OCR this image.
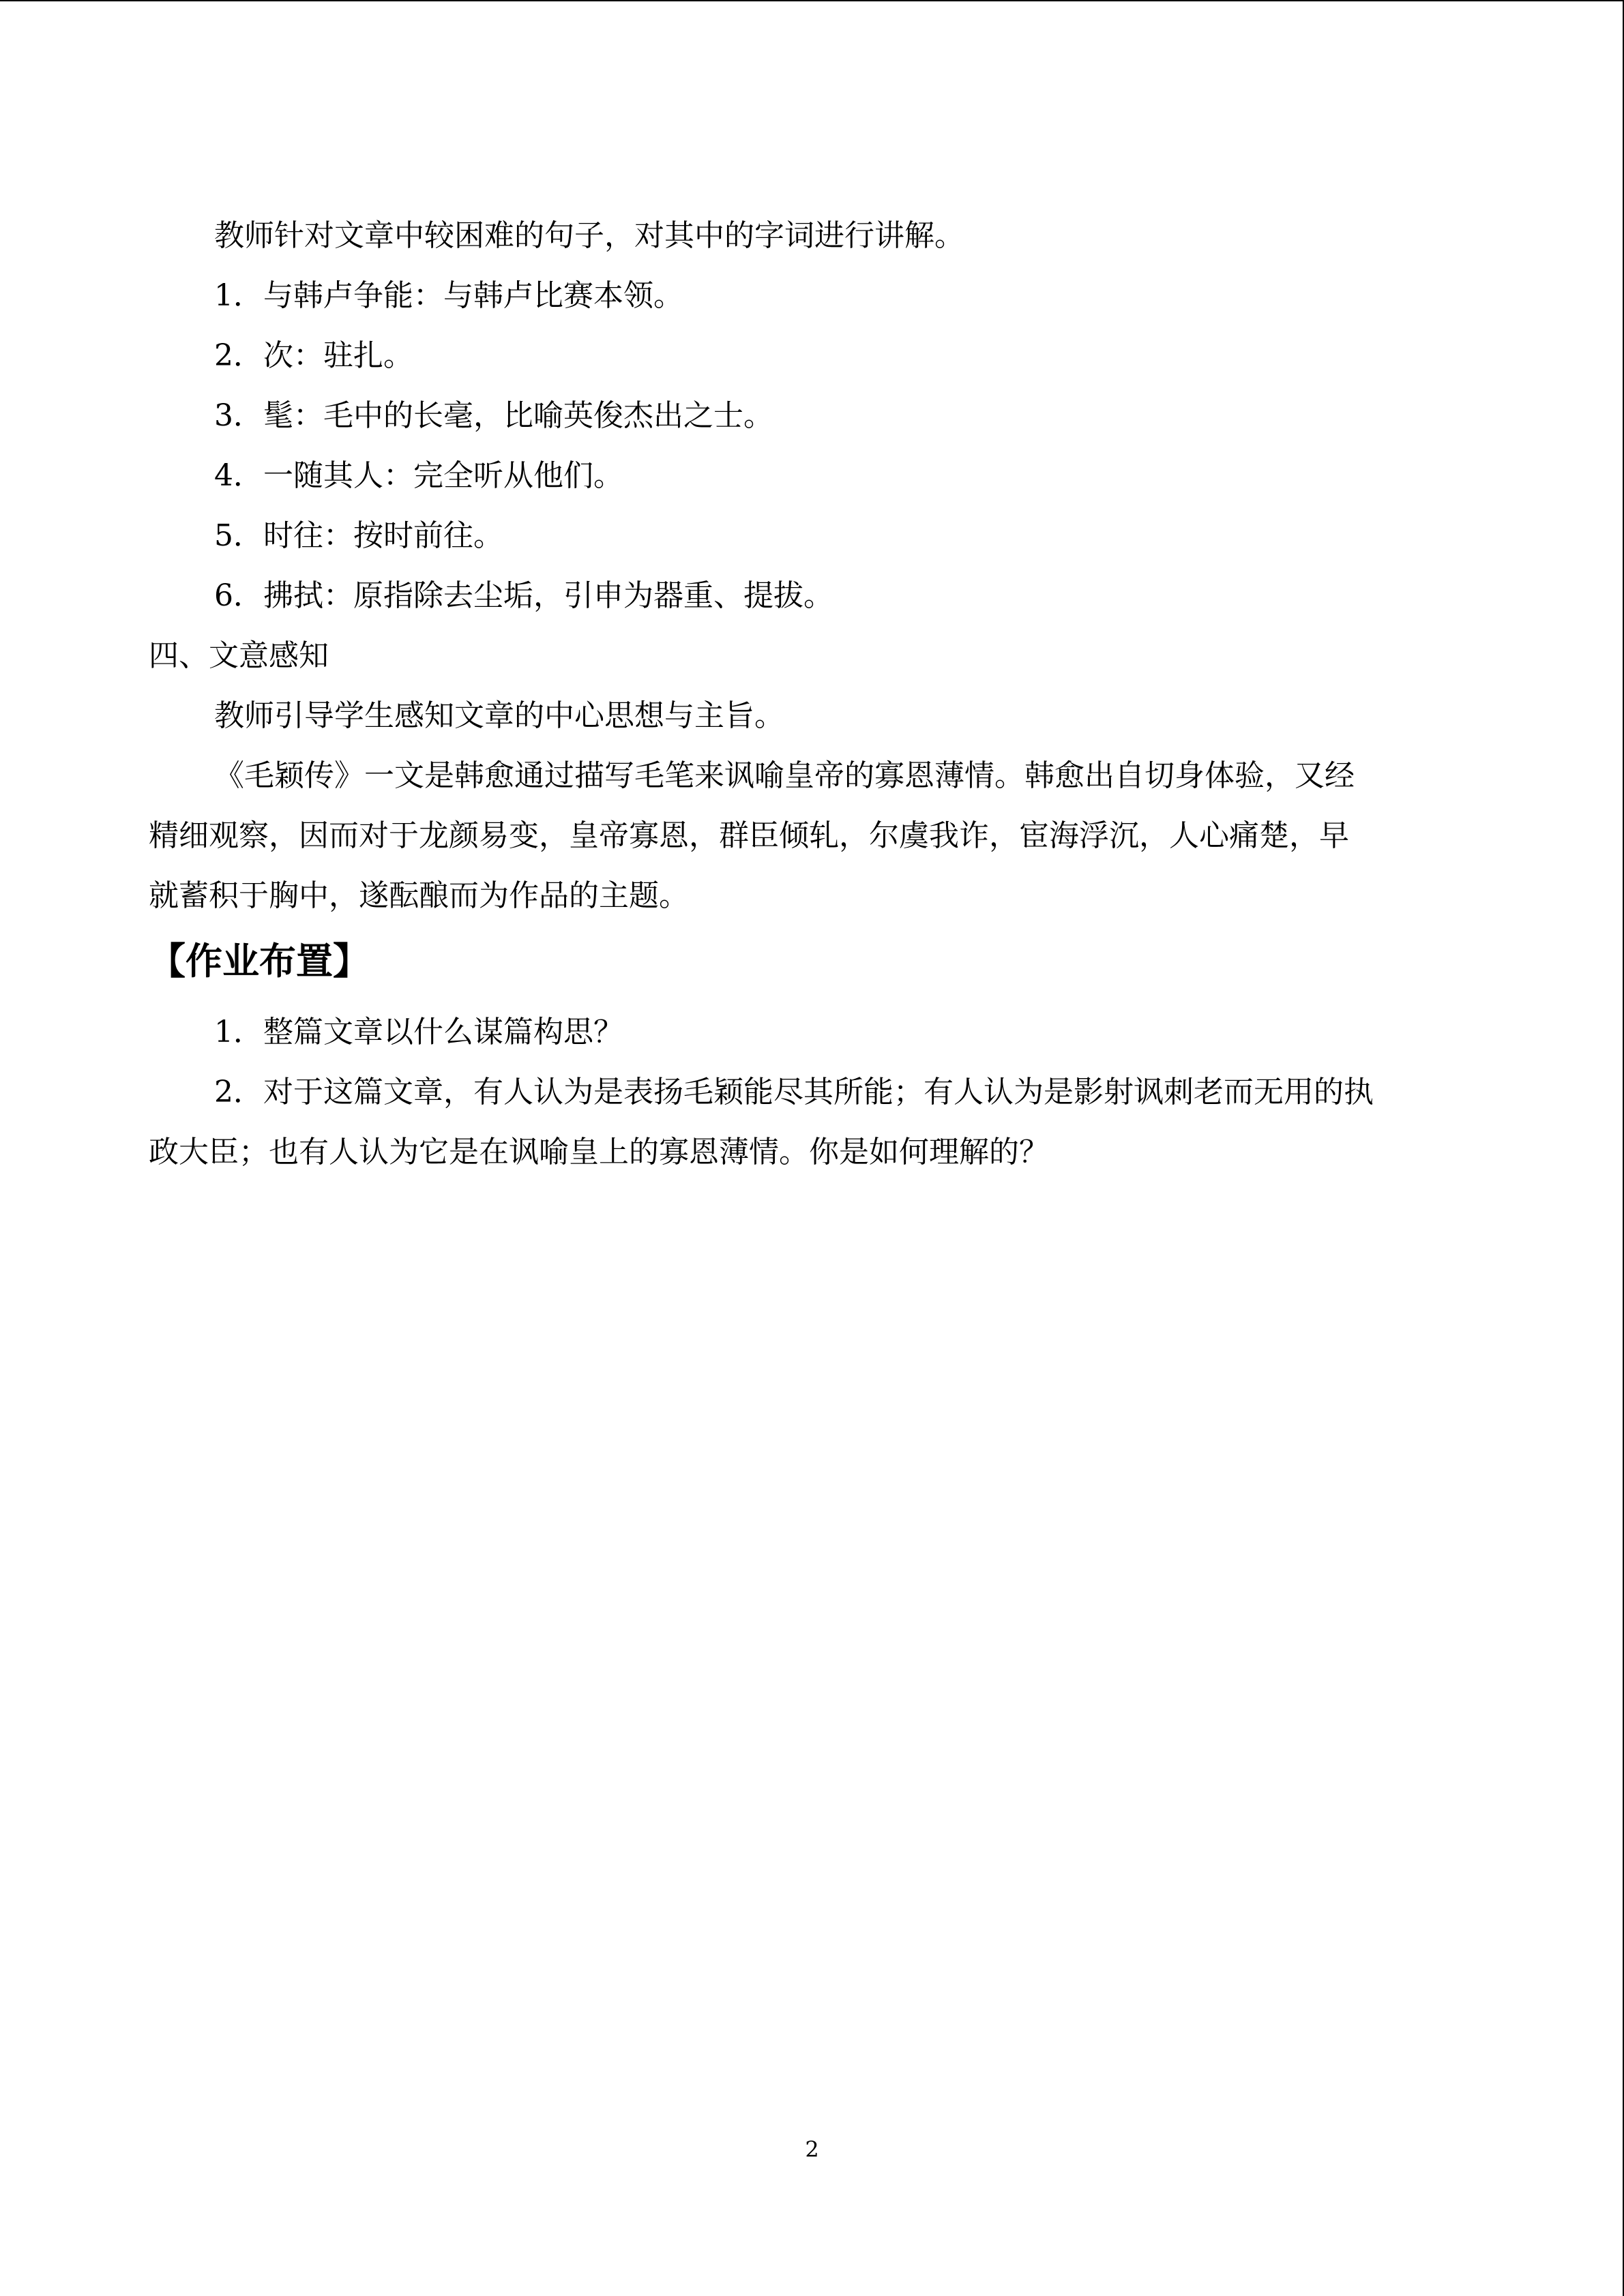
教师针对文章中较困难的句子，对其中的字词进行讲解。

1．与韩卢争能：与韩卢比赛本领。

2．次：驻扎。

3．髦：毛中的长毫，比喻英俊杰出之士。

4．一随其人：完全听从他们。

5．时往：按时前往。

6．拂拭：原指除去尘垢，引申为器重、提拔。

四、文意感知

教师引导学生感知文章的中心思想与主旨。

《毛颖传》一文是韩愈通过描写毛笔来讽喻皇帝的寡恩薄情。韩愈出自切身体验，又经

精细观察，因而对于龙颜易变，皇帝寡恩，群臣倾轧，尔虞我诈，宦海浮沉，人心痛楚，早

就蓄积于胸中，遂酝酿而为作品的主题。

【作业布置】

1．整篇文章以什么谋篇构思？

2．对于这篇文章，有人认为是表扬毛颖能尽其所能；有人认为是影射讽刺老而无用的执

政大臣；也有人认为它是在讽喻皇上的寡恩薄情。你是如何理解的？

2
